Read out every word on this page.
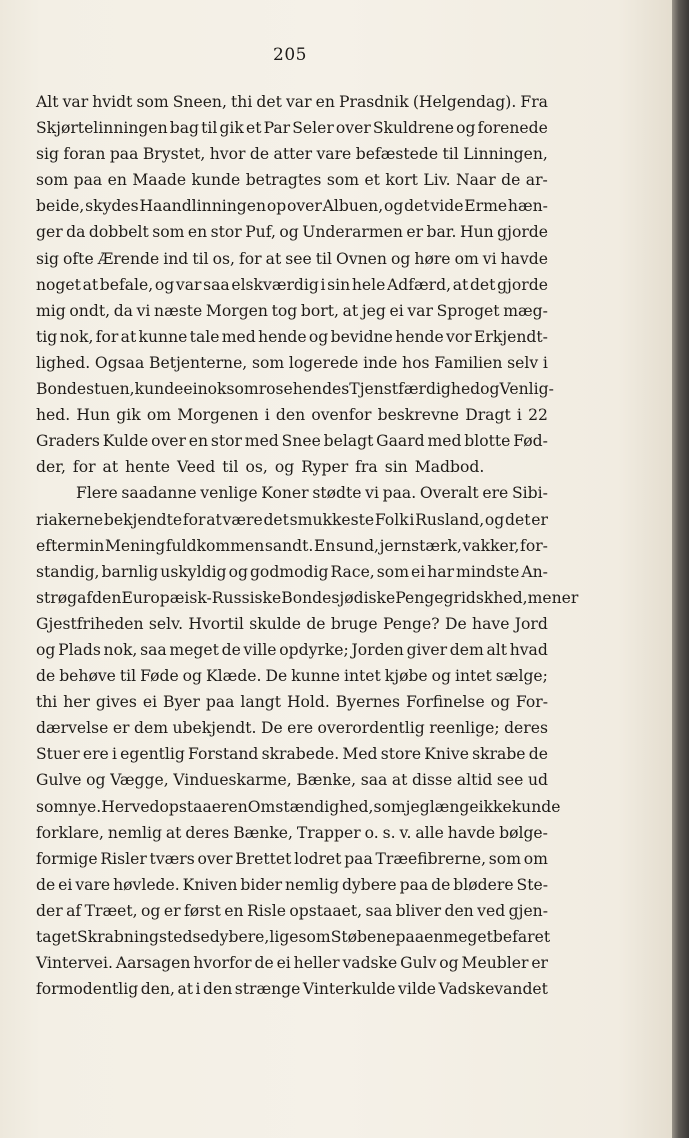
205
Alt var hvidt som Sneen, thi det var en Prasdnik (Helgendag). Fra
Skjørtelinningen bag til gik et Par Seler over Skuldrene og forenede
sig foran paa Brystet, hvor de atter vare befæstede til Linningen,
som paa en Maade kunde betragtes som et kort Liv. Naar de ar-
beide, skydes Haandlinningen op over Albuen, og det vide Erme hæn-
ger da dobbelt som en stor Puf, og Underarmen er bar. Hun gjorde
sig ofte Ærende ind til os, for at see til Ovnen og høre om vi havde
noget at befale, og var saa elskværdig i sin hele Adfærd, at det gjorde
mig ondt, da vi næste Morgen tog bort, at jeg ei var Sproget mæg-
tig nok, for at kunne tale med hende og bevidne hende vor Erkjendt-
lighed. Ogsaa Betjenterne, som logerede inde hos Familien selv i
Bondestuen, kunde ei noksom rose hendes Tjenstfærdighed og Venlig-
hed. Hun gik om Morgenen i den ovenfor beskrevne Dragt i 22
Graders Kulde over en stor med Snee belagt Gaard med blotte Fød-
der, for at hente Veed til os, og Ryper fra sin Madbod.
Flere saadanne venlige Koner stødte vi paa. Overalt ere Sibi-
riakerne bekjendte for at være det smukkeste Folk i Rusland, og det er
efter min Mening fuldkommen sandt. En sund, jernstærk, vakker, for-
standig, barnlig uskyldig og godmodig Race, som ei har mindste An-
strøg af den Europæisk-Russiske Bondes jødiske Pengegridskhed, men er
Gjestfriheden selv. Hvortil skulde de bruge Penge? De have Jord
og Plads nok, saa meget de ville opdyrke; Jorden giver dem alt hvad
de behøve til Føde og Klæde. De kunne intet kjøbe og intet sælge;
thi her gives ei Byer paa langt Hold. Byernes Forfinelse og For-
dærvelse er dem ubekjendt. De ere overordentlig reenlige; deres
Stuer ere i egentlig Forstand skrabede. Med store Knive skrabe de
Gulve og Vægge, Vindueskarme, Bænke, saa at disse altid see ud
som nye. Herved opstaaer en Omstændighed, som jeg længe ikke kunde
forklare, nemlig at deres Bænke, Trapper o. s. v. alle havde bølge-
formige Risler tværs over Brettet lodret paa Træefibrerne, som om
de ei vare høvlede. Kniven bider nemlig dybere paa de blødere Ste-
der af Træet, og er først en Risle opstaaet, saa bliver den ved gjen-
taget Skrabning stedse dybere, ligesom Støbene paa en meget befaret
Vintervei. Aarsagen hvorfor de ei heller vadske Gulv og Meubler er
formodentlig den, at i den strænge Vinterkulde vilde Vadskevandet
